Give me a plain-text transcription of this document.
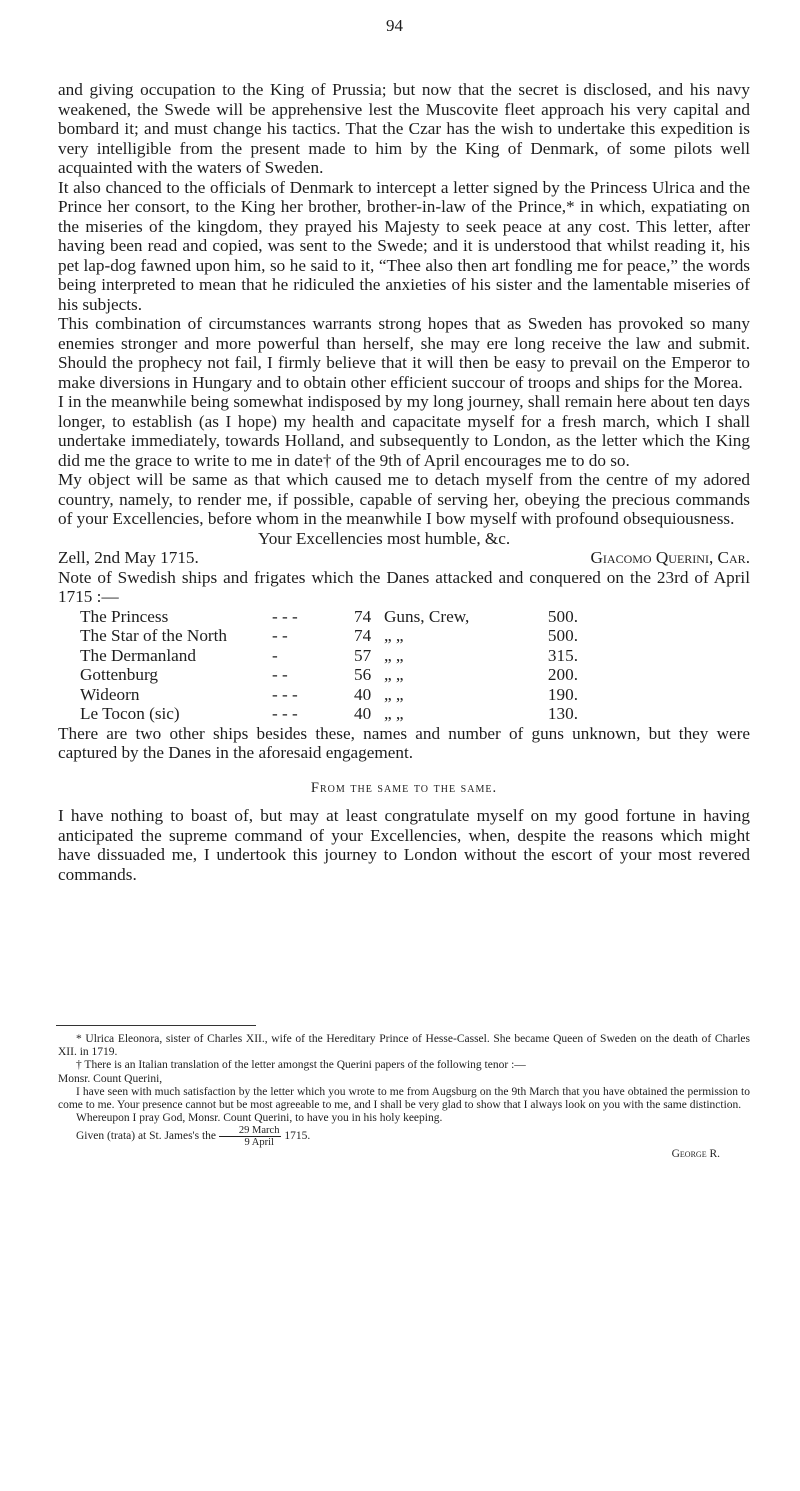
94

and giving occupation to the King of Prussia; but now that the secret is disclosed, and his navy weakened, the Swede will be apprehensive lest the Muscovite fleet approach his very capital and bombard it; and must change his tactics. That the Czar has the wish to undertake this expedition is very intelligible from the present made to him by the King of Denmark, of some pilots well acquainted with the waters of Sweden.

It also chanced to the officials of Denmark to intercept a letter signed by the Princess Ulrica and the Prince her consort, to the King her brother, brother-in-law of the Prince,* in which, expatiating on the miseries of the kingdom, they prayed his Majesty to seek peace at any cost. This letter, after having been read and copied, was sent to the Swede; and it is understood that whilst reading it, his pet lap-dog fawned upon him, so he said to it, “Thee also then art fondling me for peace,” the words being interpreted to mean that he ridiculed the anxieties of his sister and the lamentable miseries of his subjects.

This combination of circumstances warrants strong hopes that as Sweden has provoked so many enemies stronger and more powerful than herself, she may ere long receive the law and submit. Should the prophecy not fail, I firmly believe that it will then be easy to prevail on the Emperor to make diversions in Hungary and to obtain other efficient succour of troops and ships for the Morea.

I in the meanwhile being somewhat indisposed by my long journey, shall remain here about ten days longer, to establish (as I hope) my health and capacitate myself for a fresh march, which I shall undertake immediately, towards Holland, and subsequently to London, as the letter which the King did me the grace to write to me in date† of the 9th of April encourages me to do so.

My object will be same as that which caused me to detach myself from the centre of my adored country, namely, to render me, if possible, capable of serving her, obeying the precious commands of your Excellencies, before whom in the meanwhile I bow myself with profound obsequiousness.

Your Excellencies most humble, &c.
Zell, 2nd May 1715.	Giacomo Querini, Car.

Note of Swedish ships and frigates which the Danes attacked and conquered on the 23rd of April 1715 :—

The Princess	- - -	74	Guns, Crew,	500.
The Star of the North	- -	74	„ „	500.
The Dermanland	-	57	„ „	315.
Gottenburg	- -	56	„ „	200.
Wideorn	- - -	40	„ „	190.
Le Tocon (sic)	- - -	40	„ „	130.

There are two other ships besides these, names and number of guns unknown, but they were captured by the Danes in the aforesaid engagement.

From the same to the same.

I have nothing to boast of, but may at least congratulate myself on my good fortune in having anticipated the supreme command of your Excellencies, when, despite the reasons which might have dissuaded me, I undertook this journey to London without the escort of your most revered commands.

* Ulrica Eleonora, sister of Charles XII., wife of the Hereditary Prince of Hesse-Cassel. She became Queen of Sweden on the death of Charles XII. in 1719.

† There is an Italian translation of the letter amongst the Querini papers of the following tenor :—

Monsr. Count Querini,

I have seen with much satisfaction by the letter which you wrote to me from Augsburg on the 9th March that you have obtained the permission to come to me. Your presence cannot but be most agreeable to me, and I shall be very glad to show that I always look on you with the same distinction.

Whereupon I pray God, Monsr. Count Querini, to have you in his holy keeping.

Given (trata) at St. James's the $\frac{\text{29 March}}{\text{9 April}} 1715$.

George R.
